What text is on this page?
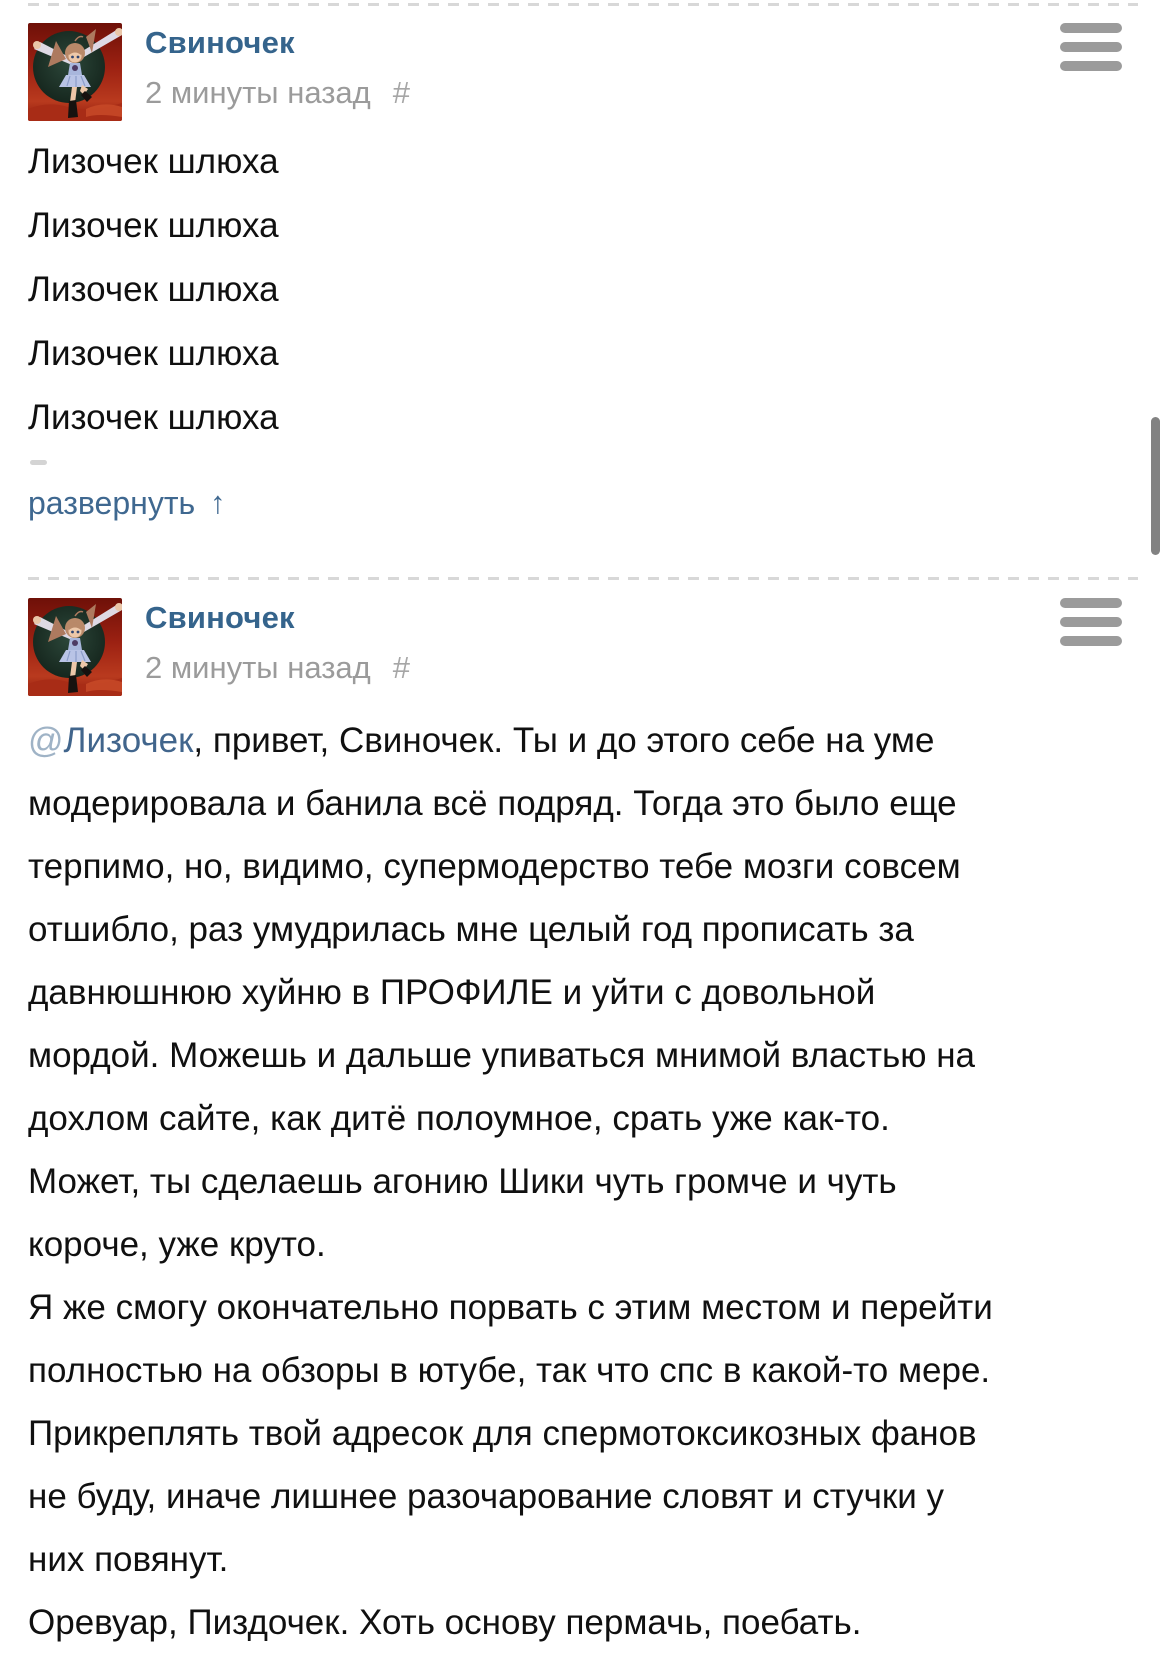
Свиночек
2 минуты назад #
Лизочек шлюха
Лизочек шлюха
Лизочек шлюха
Лизочек шлюха
Лизочек шлюха
развернуть ↑
Свиночек
2 минуты назад #
@Лизочек, привет, Свиночек. Ты и до этого себе на уме
модерировала и банила всё подряд. Тогда это было еще
терпимо, но, видимо, супермодерство тебе мозги совсем
отшибло, раз умудрилась мне целый год прописать за
давнюшнюю хуйню в ПРОФИЛЕ и уйти с довольной
мордой. Можешь и дальше упиваться мнимой властью на
дохлом сайте, как дитё полоумное, срать уже как-то.
Может, ты сделаешь агонию Шики чуть громче и чуть
короче, уже круто.
Я же смогу окончательно порвать с этим местом и перейти
полностью на обзоры в ютубе, так что спс в какой-то мере.
Прикреплять твой адресок для спермотоксикозных фанов
не буду, иначе лишнее разочарование словят и стучки у
них повянут.
Оревуар, Пиздочек. Хоть основу пермачь, поебать.
